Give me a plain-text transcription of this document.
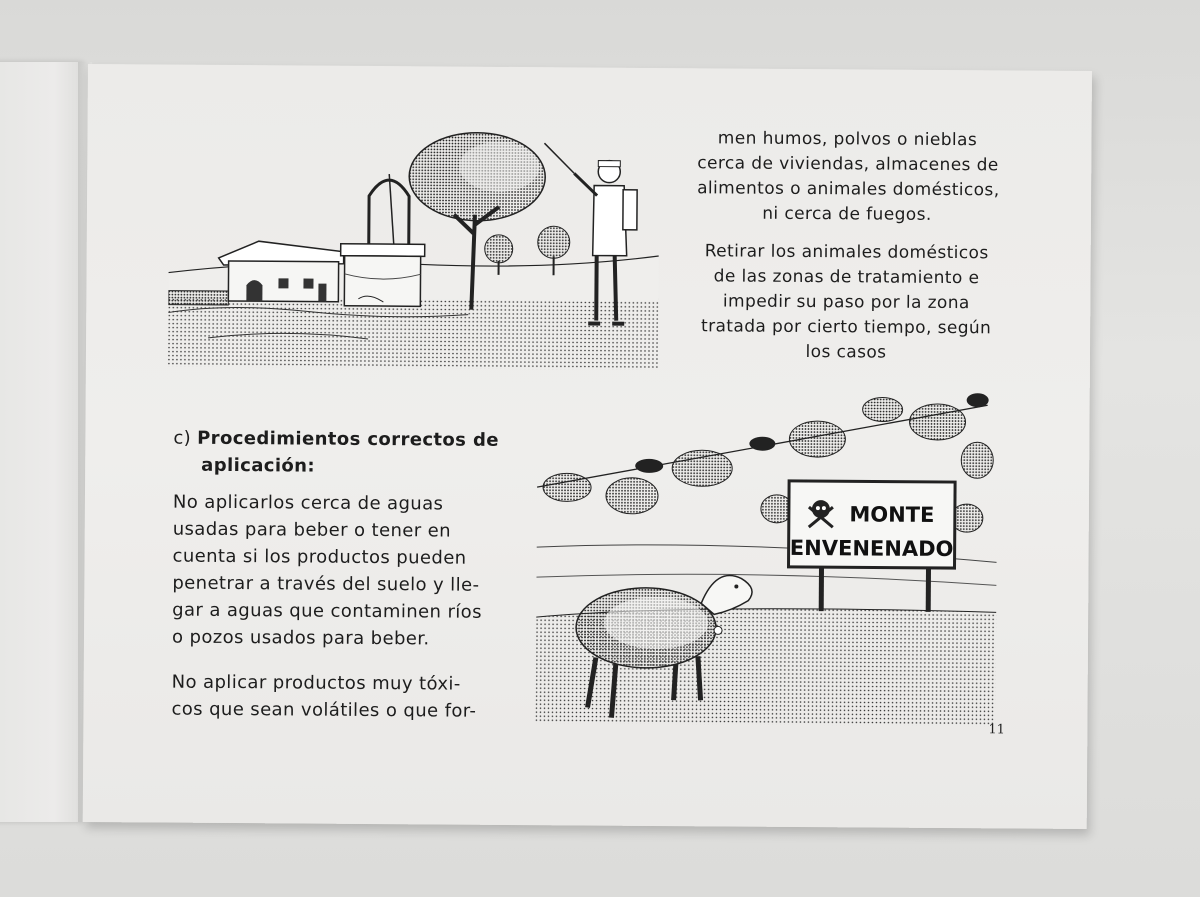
men humos, polvos o nieblas
cerca de viviendas, almacenes de
alimentos o animales domésticos,
ni cerca de fuegos.

Retirar los animales domésticos
de las zonas de tratamiento e
impedir su paso por la zona
tratada por cierto tiempo, según
los casos

c) Procedimientos correctos de
aplicación:
No aplicarlos cerca de aguas
usadas para beber o tener en
cuenta si los productos pueden
penetrar a través del suelo y lle-
gar a aguas que contaminen ríos
o pozos usados para beber.
No aplicar productos muy tóxi-
cos que sean volátiles o que for-
MONTE
ENVENENADO
11
